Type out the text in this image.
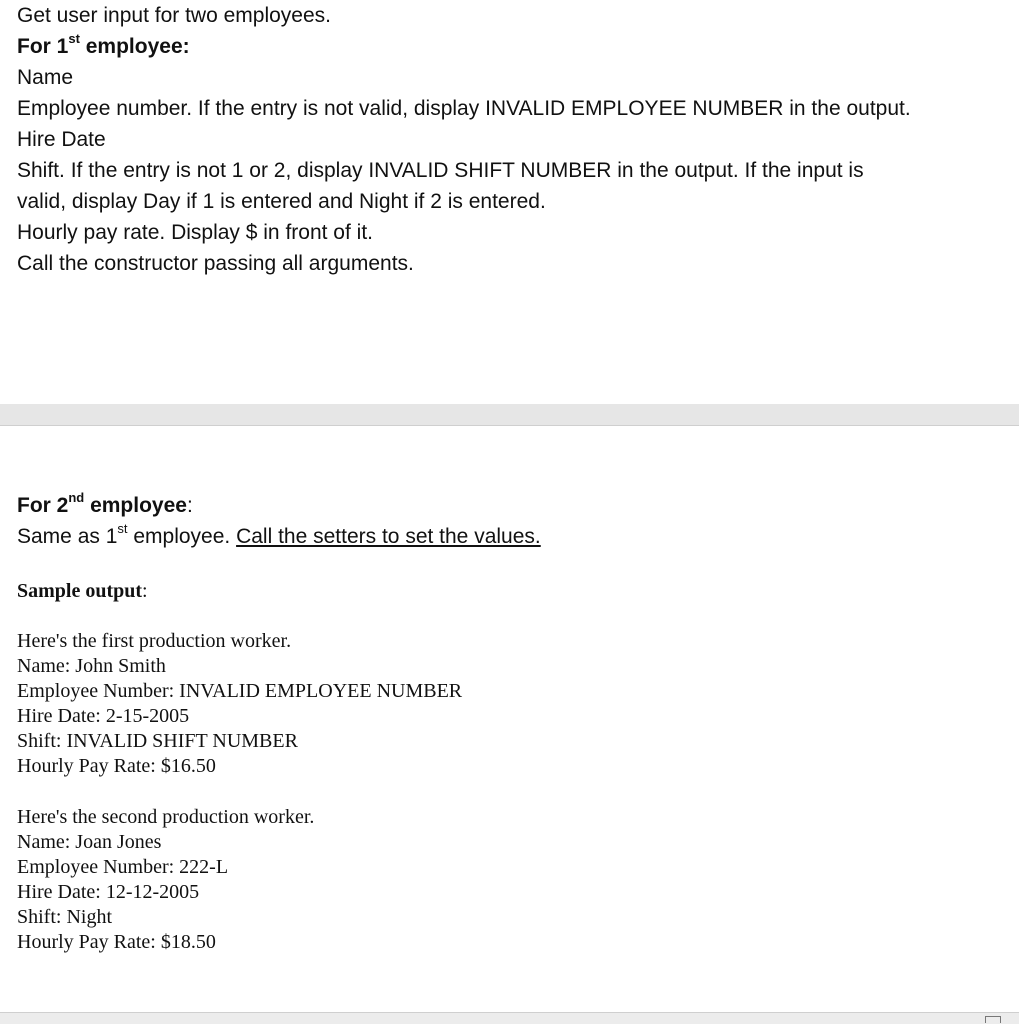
Get user input for two employees.

For 1st employee:

Name

Employee number. If the entry is not valid, display INVALID EMPLOYEE NUMBER in the output.

Hire Date

Shift. If the entry is not 1 or 2, display INVALID SHIFT NUMBER in the output. If the input is

valid, display Day if 1 is entered and Night if 2 is entered.

Hourly pay rate. Display $ in front of it.

Call the constructor passing all arguments.

For 2nd employee:

Same as 1st employee. Call the setters to set the values.

Sample output:

Here's the first production worker.

Name: John Smith

Employee Number: INVALID EMPLOYEE NUMBER

Hire Date: 2-15-2005

Shift: INVALID SHIFT NUMBER

Hourly Pay Rate: $16.50

Here's the second production worker.

Name: Joan Jones

Employee Number: 222-L

Hire Date: 12-12-2005

Shift: Night

Hourly Pay Rate: $18.50
